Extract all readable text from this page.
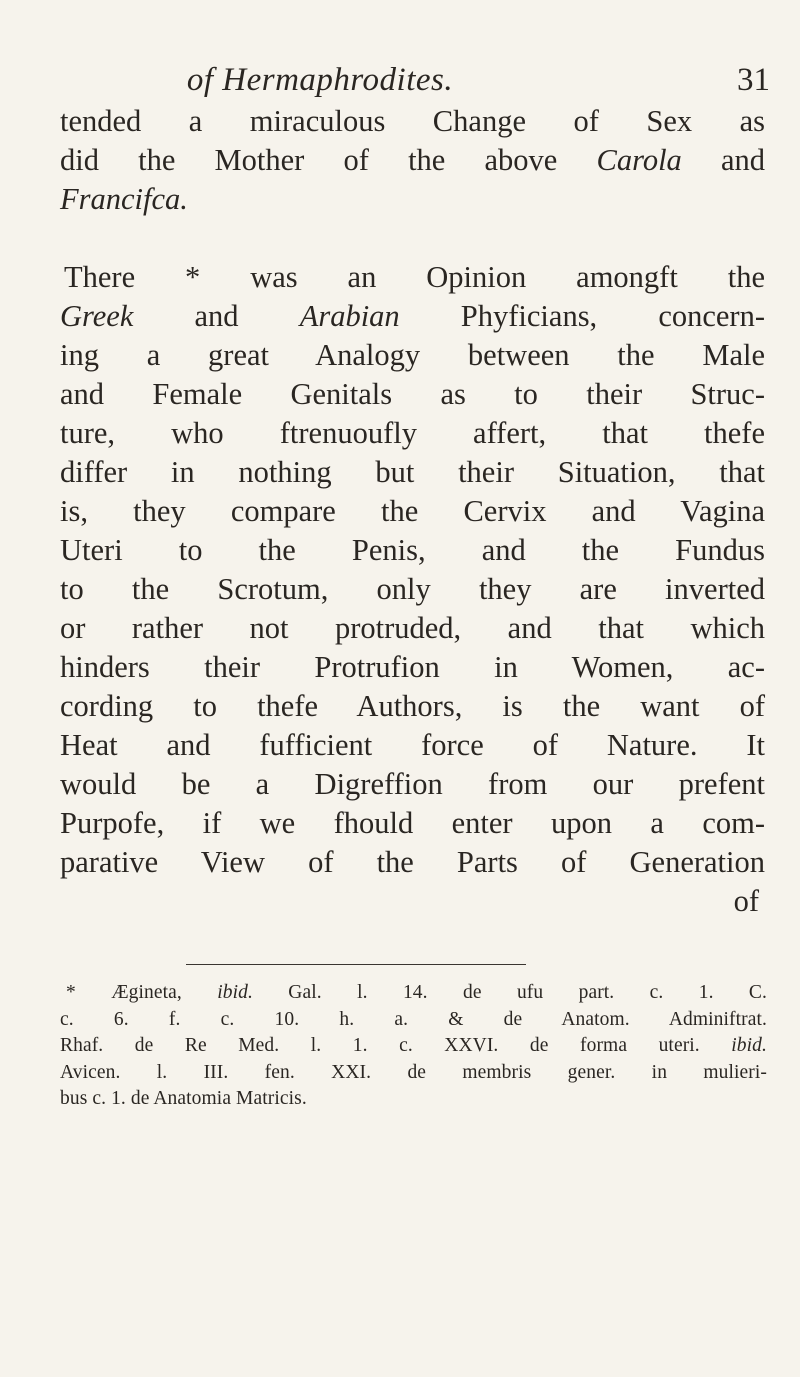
of Hermaphrodites.	31
tended a miraculous Change of Sex as
did the Mother of the above Carola and
Francifca.
There * was an Opinion amongft the
Greek and Arabian Phyficians, concern-
ing a great Analogy between the Male
and Female Genitals as to their Struc-
ture, who ftrenuoufly affert, that thefe
differ in nothing but their Situation, that
is, they compare the Cervix and Vagina
Uteri to the Penis, and the Fundus
to the Scrotum, only they are inverted
or rather not protruded, and that which
hinders their Protrufion in Women, ac-
cording to thefe Authors, is the want of
Heat and fufficient force of Nature. It
would be a Digreffion from our prefent
Purpofe, if we fhould enter upon a com-
parative View of the Parts of Generation
of
* Ægineta, ibid. Gal. l. 14. de ufu part. c. 1. C.
c. 6. f. c. 10. h. a. & de Anatom. Adminiftrat.
Rhaf. de Re Med. l. 1. c. XXVI. de forma uteri. ibid.
Avicen. l. III. fen. XXI. de membris gener. in mulieri-
bus c. 1. de Anatomia Matricis.
